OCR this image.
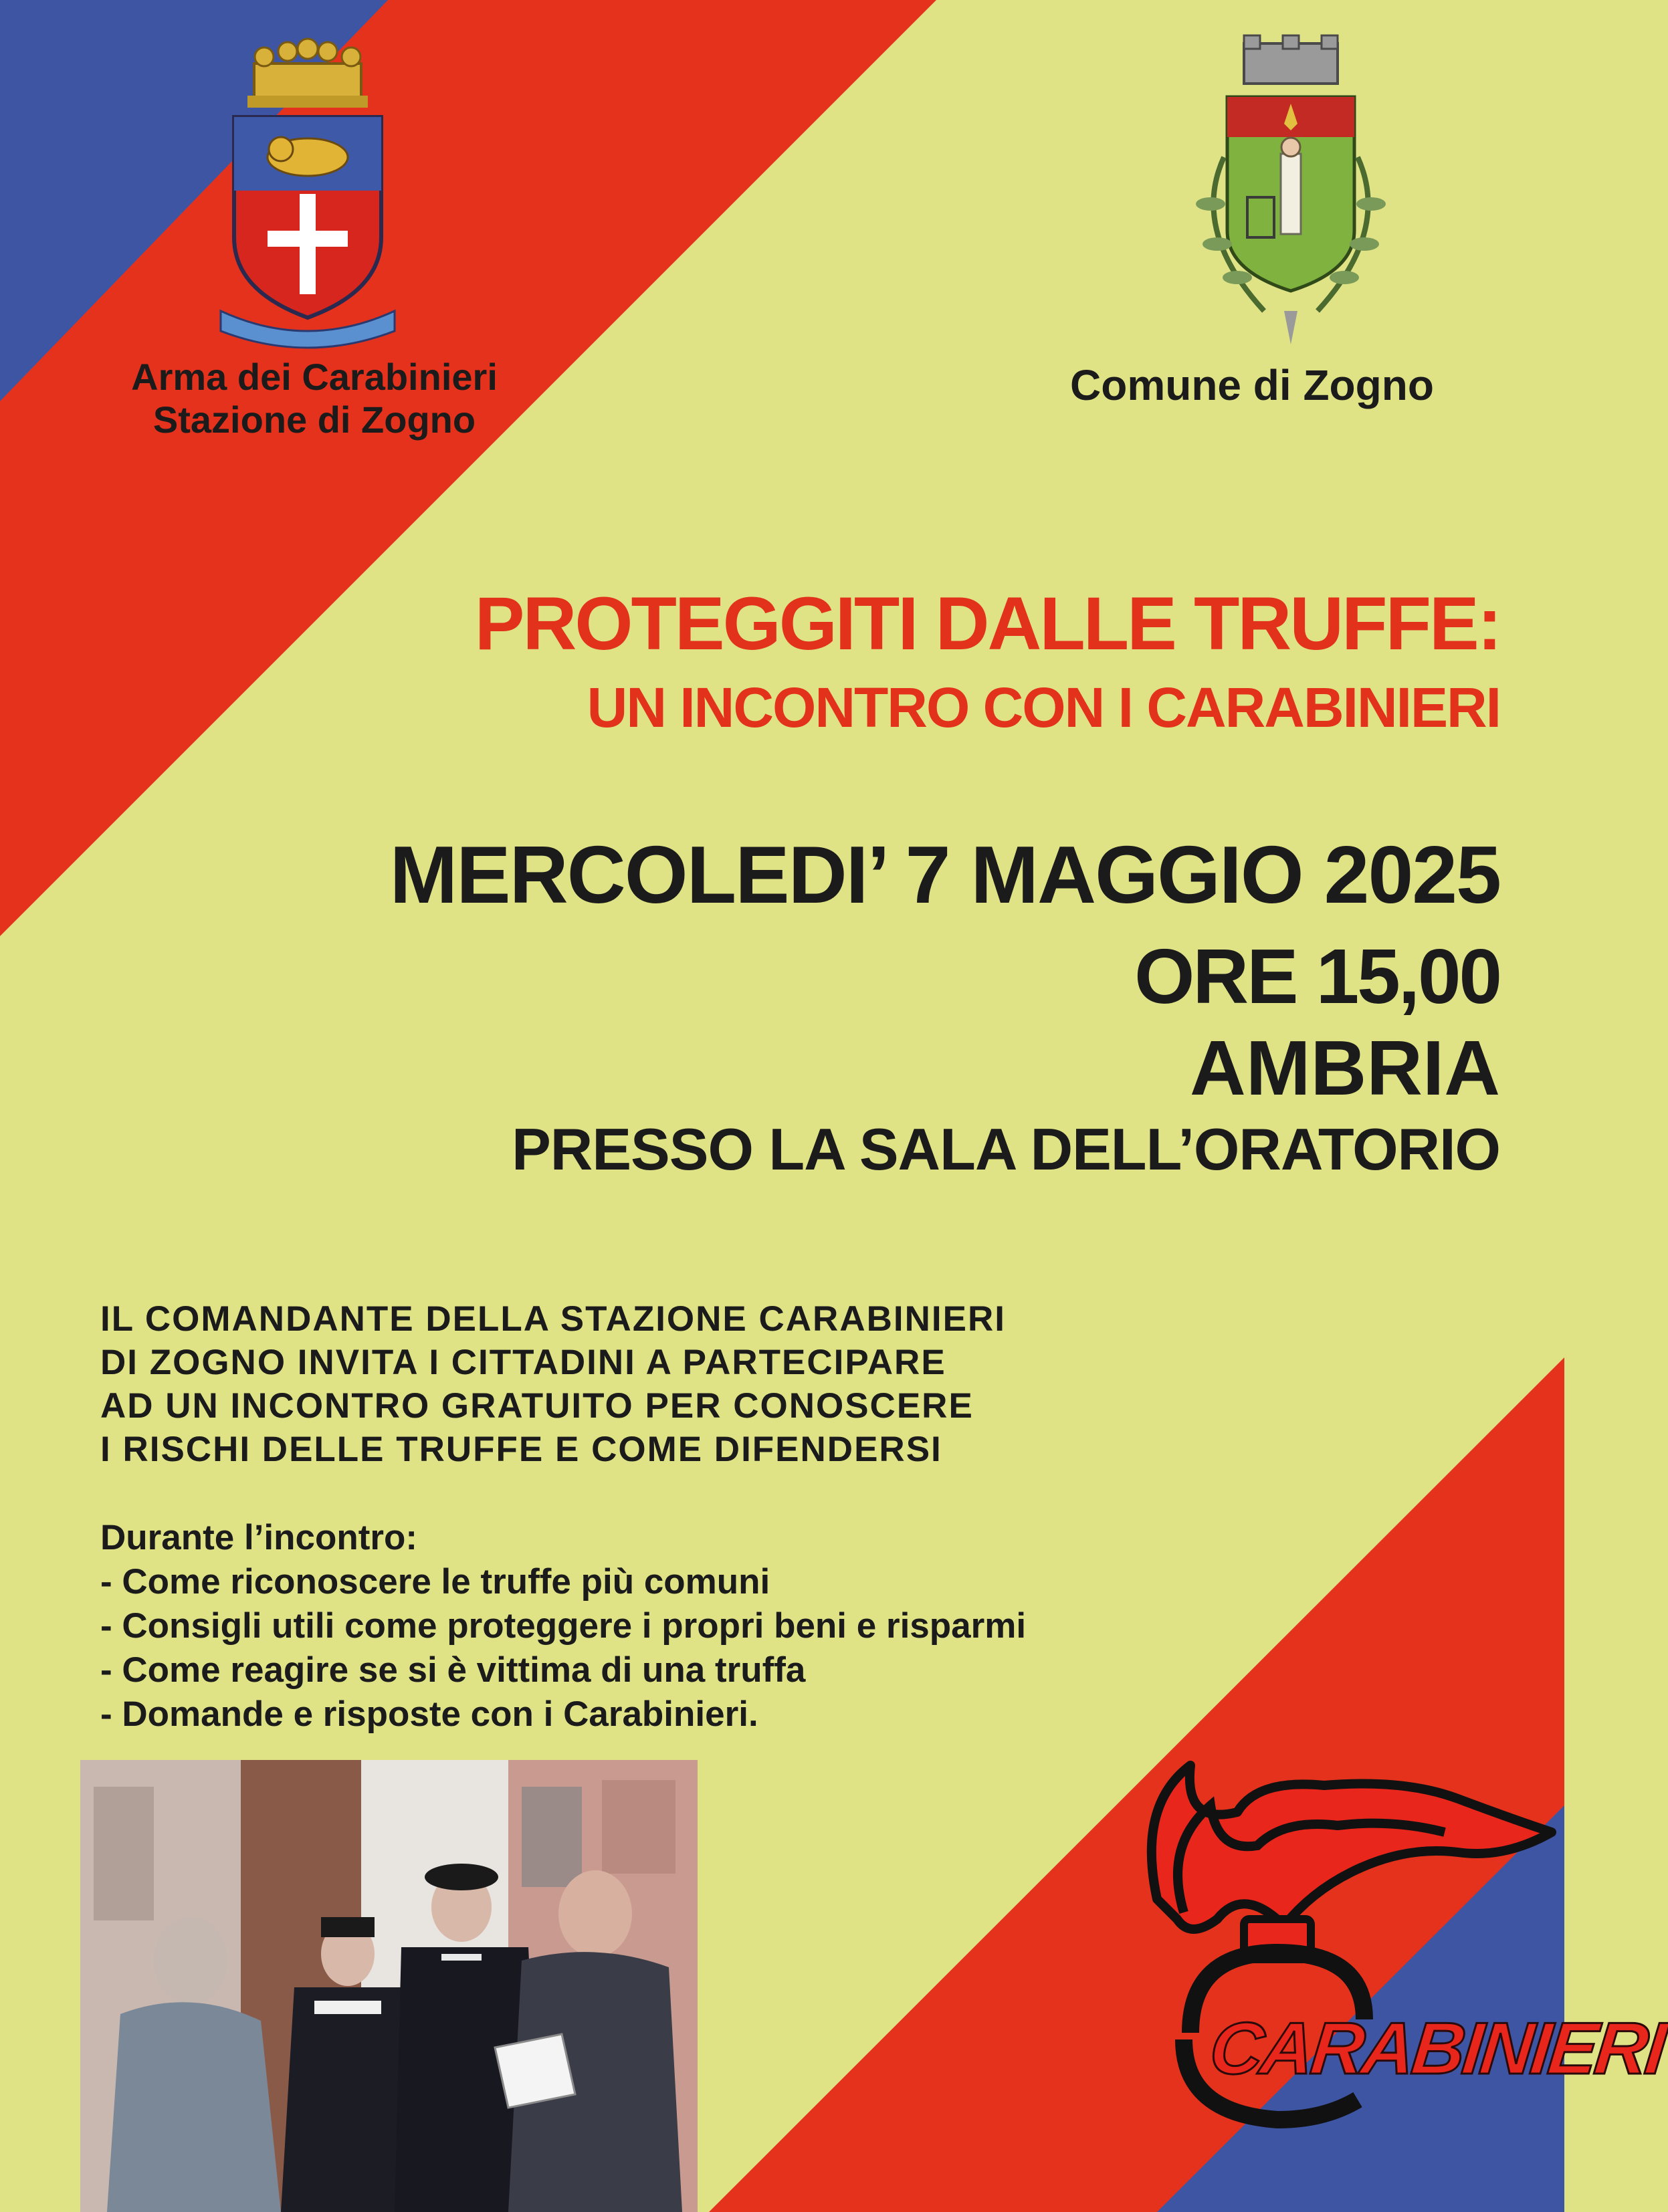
Arma dei Carabinieri
Stazione di Zogno
Comune di Zogno
PROTEGGITI DALLE TRUFFE:
UN INCONTRO CON I CARABINIERI
MERCOLEDI’ 7 MAGGIO 2025
ORE 15,00
AMBRIA
PRESSO LA SALA DELL’ORATORIO
IL COMANDANTE DELLA STAZIONE CARABINIERI
DI ZOGNO INVITA I CITTADINI A PARTECIPARE
AD UN INCONTRO GRATUITO PER CONOSCERE
I RISCHI DELLE TRUFFE E COME DIFENDERSI
Durante l’incontro:
- Come riconoscere le truffe più comuni
- Consigli utili come proteggere i propri beni e risparmi
- Come reagire se si è vittima di una truffa
- Domande e risposte con i Carabinieri.
CARABINIERI
